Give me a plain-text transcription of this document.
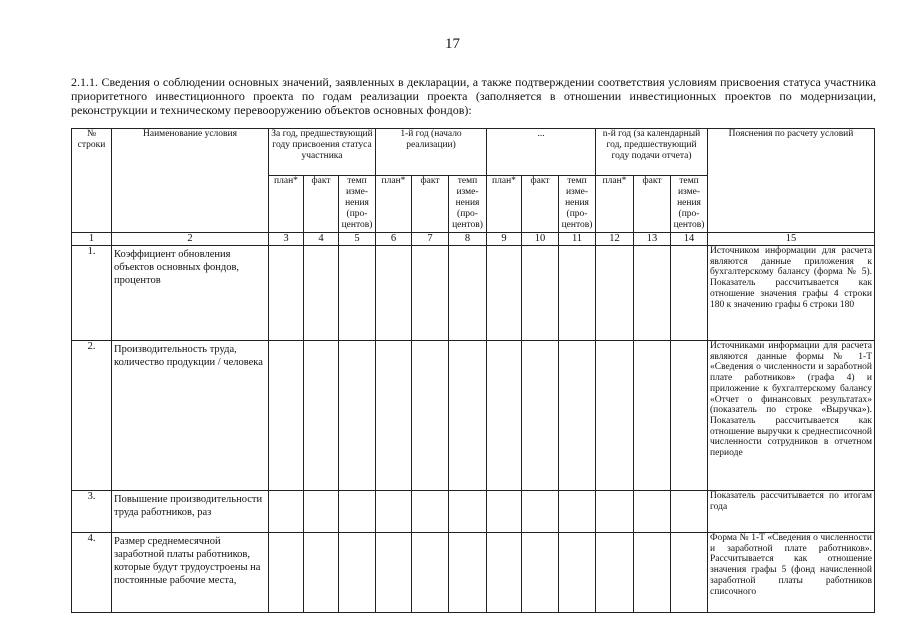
17
2.1.1. Сведения о соблюдении основных значений, заявленных в декларации, а также подтверждении соответствия условиям присвоения статуса участника приоритетного инвестиционного проекта по годам реализации проекта (заполняется в отношении инвестиционных проектов по модернизации, реконструкции и техническому перевооружению объектов основных фондов):
№ строки	Наименование условия	За год, предшествующий году присвоения статуса участника			1-й год (начало реализации)			...			n-й год (за календарный год, предшествующий году подачи отчета)			Пояснения по расчету условий
		план*	факт	темп изме- нения (про- центов)	план*	факт	темп изме- нения (про- центов)	план*	факт	темп изме- нения (про- центов)	план*	факт	темп изме- нения (про- центов)	
1	2	3	4	5	6	7	8	9	10	11	12	13	14	15
1.	Коэффициент обновления объектов основных фондов, процентов													Источником информации для расчета являются данные приложения к бухгалтерскому балансу (форма № 5). Показатель рассчитывается как отношение значения графы 4 строки 180 к значению графы 6 строки 180
2.	Производительность труда, количество продукции / человека													Источниками информации для расчета являются данные формы № 1-Т «Сведения о численности и заработной плате работников» (графа 4) и приложение к бухгалтерскому балансу «Отчет о финансовых результатах» (показатель по строке «Выручка»). Показатель рассчитывается как отношение выручки к среднесписочной численности сотрудников в отчетном периоде
3.	Повышение производительности труда работников, раз													Показатель рассчитывается по итогам года
4.	Размер среднемесячной заработной платы работников, которые будут трудоустроены на постоянные рабочие места,													Форма № 1-Т «Сведения о численности и заработной плате работников». Рассчитывается как отношение значения графы 5 (фонд начисленной заработной платы работников списочного
